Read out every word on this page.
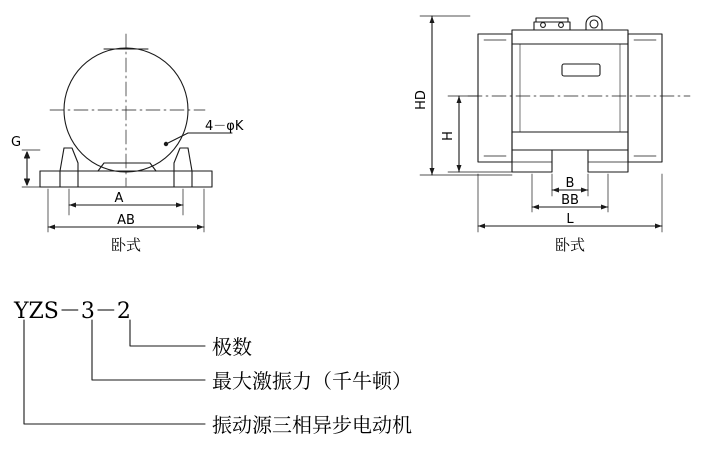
G
4－φK
A
AB
卧式
HD
H
B
BB
L
卧式
YZS－3－2
极数
最大激振力（千牛顿）
振动源三相异步电动机
